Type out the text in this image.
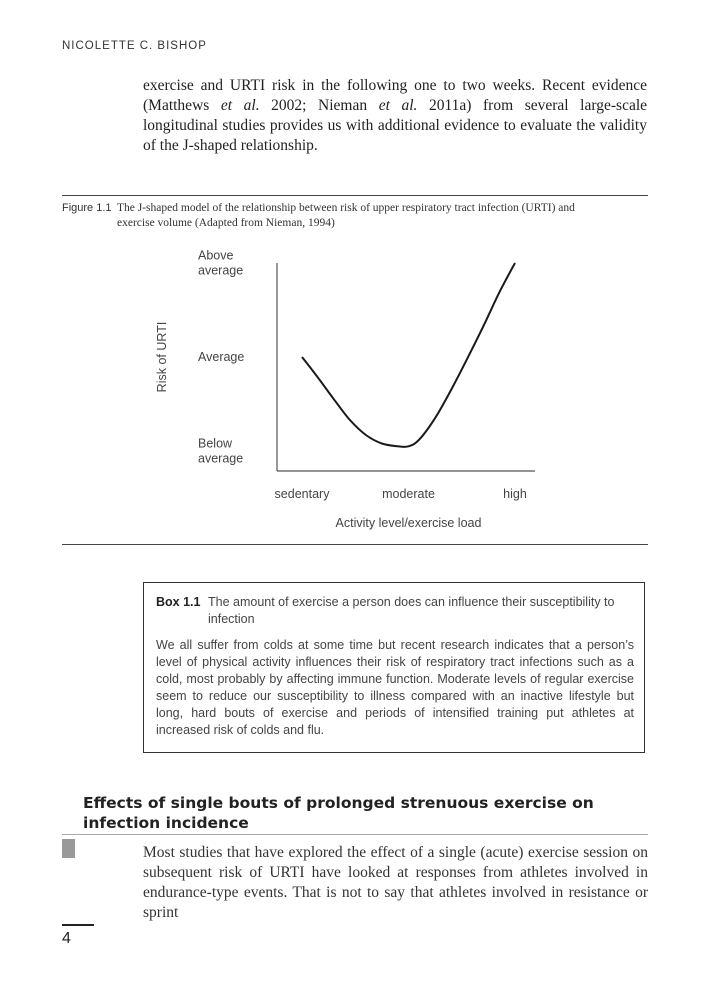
NICOLETTE C. BISHOP

exercise and URTI risk in the following one to two weeks. Recent evidence (Matthews et al. 2002; Nieman et al. 2011a) from several large-scale longitudinal studies provides us with additional evidence to evaluate the validity of the J-shaped relationship.

Figure 1.1 The J-shaped model of the relationship between risk of upper respiratory tract infection (URTI) and
exercise volume (Adapted from Nieman, 1994)
Below average
Average
Above average
Risk of URTI
sedentary	moderate	high
Activity level/exercise load
Box 1.1 The amount of exercise a person does can influence their susceptibility to
infection
We all suffer from colds at some time but recent research indicates that a person’s level of physical activity influences their risk of respiratory tract infections such as a cold, most probably by affecting immune function. Moderate levels of regular exercise seem to reduce our susceptibility to illness compared with an inactive lifestyle but long, hard bouts of exercise and periods of intensified training put athletes at increased risk of colds and flu.
Effects of single bouts of prolonged strenuous exercise on infection incidence

Most studies that have explored the effect of a single (acute) exercise session on subsequent risk of URTI have looked at responses from athletes involved in endurance-type events. That is not to say that athletes involved in resistance or sprint

4
